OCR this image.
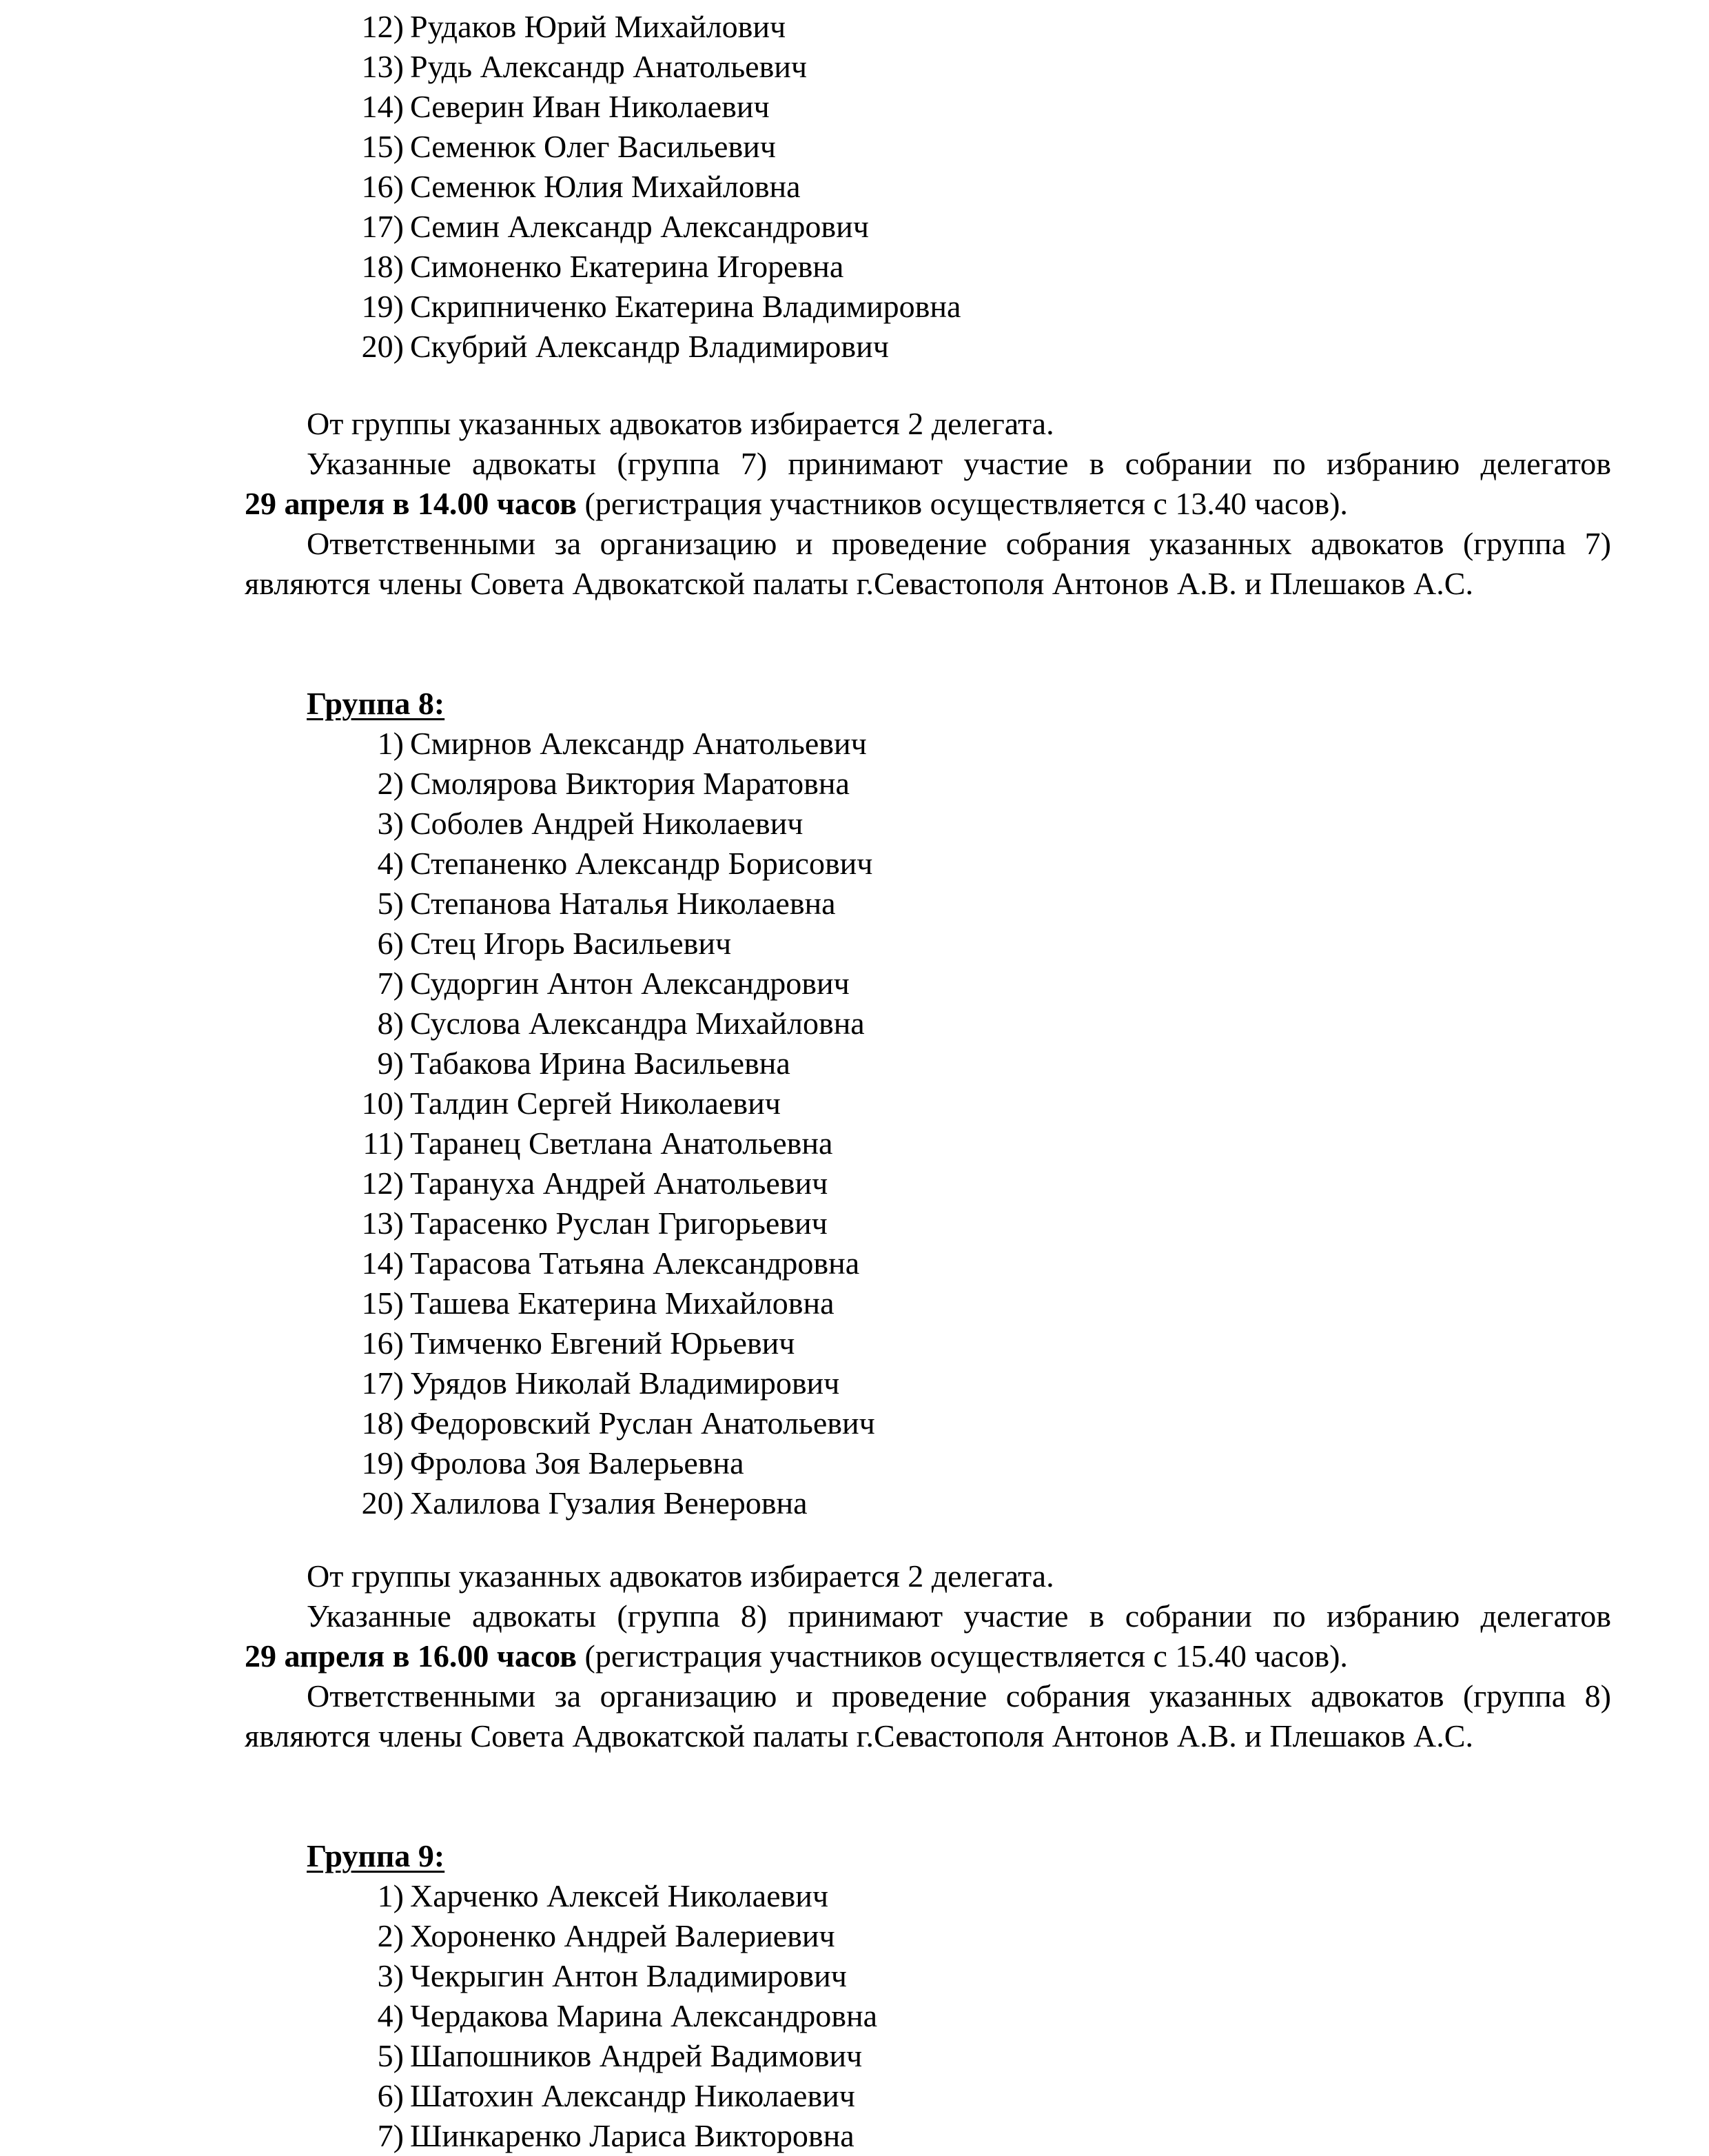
12) Рудаков Юрий Михайлович
13) Рудь Александр Анатольевич
14) Северин Иван Николаевич
15) Семенюк Олег Васильевич
16) Семенюк Юлия Михайловна
17) Семин Александр Александрович
18) Симоненко Екатерина Игоревна
19) Скрипниченко Екатерина Владимировна
20) Скубрий Александр Владимирович
От группы указанных адвокатов избирается 2 делегата.
Указанные адвокаты (группа 7) принимают участие в собрании по избранию делегатов
29 апреля в 14.00 часов (регистрация участников осуществляется с 13.40 часов).
Ответственными за организацию и проведение собрания указанных адвокатов (группа 7)
являются члены Совета Адвокатской палаты г.Севастополя Антонов А.В. и Плешаков А.С.
Группа 8:
1) Смирнов Александр Анатольевич
2) Смолярова Виктория Маратовна
3) Соболев Андрей Николаевич
4) Степаненко Александр Борисович
5) Степанова Наталья Николаевна
6) Стец Игорь Васильевич
7) Судоргин Антон Александрович
8) Суслова Александра Михайловна
9) Табакова Ирина Васильевна
10) Талдин Сергей Николаевич
11) Таранец Светлана Анатольевна
12) Тарануха Андрей Анатольевич
13) Тарасенко Руслан Григорьевич
14) Тарасова Татьяна Александровна
15) Ташева Екатерина Михайловна
16) Тимченко Евгений Юрьевич
17) Урядов Николай Владимирович
18) Федоровский Руслан Анатольевич
19) Фролова Зоя Валерьевна
20) Халилова Гузалия Венеровна
От группы указанных адвокатов избирается 2 делегата.
Указанные адвокаты (группа 8) принимают участие в собрании по избранию делегатов
29 апреля в 16.00 часов (регистрация участников осуществляется с 15.40 часов).
Ответственными за организацию и проведение собрания указанных адвокатов (группа 8)
являются члены Совета Адвокатской палаты г.Севастополя Антонов А.В. и Плешаков А.С.
Группа 9:
1) Харченко Алексей Николаевич
2) Хороненко Андрей Валериевич
3) Чекрыгин Антон Владимирович
4) Чердакова Марина Александровна
5) Шапошников Андрей Вадимович
6) Шатохин Александр Николаевич
7) Шинкаренко Лариса Викторовна
